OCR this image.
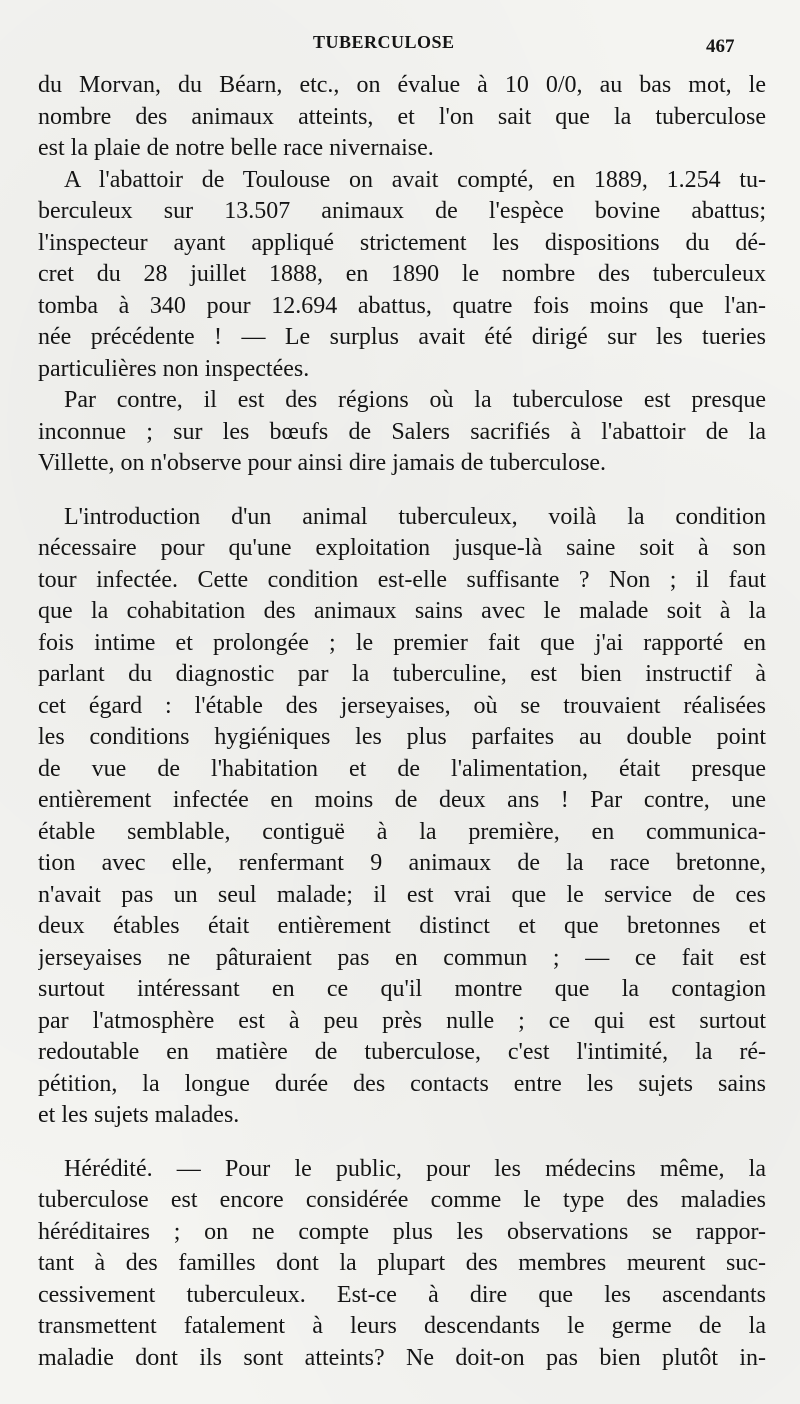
TUBERCULOSE	467
du Morvan, du Béarn, etc., on évalue à 10 0/0, au bas mot, le
nombre des animaux atteints, et l'on sait que la tuberculose
est la plaie de notre belle race nivernaise.
A l'abattoir de Toulouse on avait compté, en 1889, 1.254 tu-
berculeux sur 13.507 animaux de l'espèce bovine abattus;
l'inspecteur ayant appliqué strictement les dispositions du dé-
cret du 28 juillet 1888, en 1890 le nombre des tuberculeux
tomba à 340 pour 12.694 abattus, quatre fois moins que l'an-
née précédente ! — Le surplus avait été dirigé sur les tueries
particulières non inspectées.
Par contre, il est des régions où la tuberculose est presque
inconnue ; sur les bœufs de Salers sacrifiés à l'abattoir de la
Villette, on n'observe pour ainsi dire jamais de tuberculose.
L'introduction d'un animal tuberculeux, voilà la condition
nécessaire pour qu'une exploitation jusque-là saine soit à son
tour infectée. Cette condition est-elle suffisante ? Non ; il faut
que la cohabitation des animaux sains avec le malade soit à la
fois intime et prolongée ; le premier fait que j'ai rapporté en
parlant du diagnostic par la tuberculine, est bien instructif à
cet égard : l'étable des jerseyaises, où se trouvaient réalisées
les conditions hygiéniques les plus parfaites au double point
de vue de l'habitation et de l'alimentation, était presque
entièrement infectée en moins de deux ans ! Par contre, une
étable semblable, contiguë à la première, en communica-
tion avec elle, renfermant 9 animaux de la race bretonne,
n'avait pas un seul malade; il est vrai que le service de ces
deux étables était entièrement distinct et que bretonnes et
jerseyaises ne pâturaient pas en commun ; — ce fait est
surtout intéressant en ce qu'il montre que la contagion
par l'atmosphère est à peu près nulle ; ce qui est surtout
redoutable en matière de tuberculose, c'est l'intimité, la ré-
pétition, la longue durée des contacts entre les sujets sains
et les sujets malades.
Hérédité. — Pour le public, pour les médecins même, la
tuberculose est encore considérée comme le type des maladies
héréditaires ; on ne compte plus les observations se rappor-
tant à des familles dont la plupart des membres meurent suc-
cessivement tuberculeux. Est-ce à dire que les ascendants
transmettent fatalement à leurs descendants le germe de la
maladie dont ils sont atteints? Ne doit-on pas bien plutôt in-
